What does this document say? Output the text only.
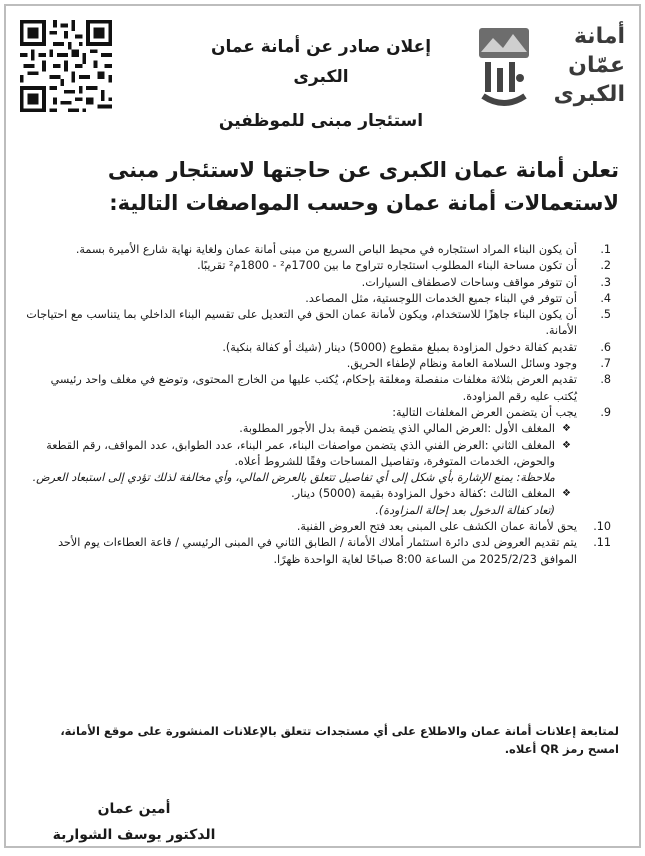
أمانة
عمّان
الكبرى
إعلان صادر عن أمانة عمان الكبرى
استئجار مبنى للموظفين
تعلن أمانة عمان الكبرى عن حاجتها لاستئجار مبنى لاستعمالات أمانة عمان وحسب المواصفات التالية:
1.
أن يكون البناء المراد استئجاره في محيط الباص السريع من مبنى أمانة عمان ولغاية نهاية شارع الأميرة بسمة.
2.
أن تكون مساحة البناء المطلوب استئجاره تتراوح ما بين 1700م² - 1800م² تقريبًا.
3.
أن تتوفر مواقف وساحات لاصطفاف السيارات.
4.
أن تتوفر في البناء جميع الخدمات اللوجستية، مثل المصاعد.
5.
أن يكون البناء جاهزًا للاستخدام، ويكون لأمانة عمان الحق في التعديل على تقسيم البناء الداخلي بما يتناسب مع احتياجات الأمانة.
6.
تقديم كفالة دخول المزاودة بمبلغ مقطوع (5000) دينار (شيك أو كفالة بنكية).
7.
وجود وسائل السلامة العامة ونظام لإطفاء الحريق.
8.
تقديم العرض بثلاثة مغلفات منفصلة ومغلقة بإحكام، يُكتب عليها من الخارج المحتوى، وتوضع في مغلف واحد رئيسي يُكتب عليه رقم المزاودة.
9.
يجب أن يتضمن العرض المغلفات التالية:
❖
المغلف الأول :العرض المالي الذي يتضمن قيمة بدل الأجور المطلوبة.
❖
المغلف الثاني :العرض الفني الذي يتضمن مواصفات البناء، عمر البناء، عدد الطوابق، عدد المواقف، رقم القطعة والحوض، الخدمات المتوفرة، وتفاصيل المساحات وفقًا للشروط أعلاه.
ملاحظة: يمنع الإشارة بأي شكل إلى أي تفاصيل تتعلق بالعرض المالي، وأي مخالفة لذلك تؤدي إلى استبعاد العرض.
❖
المغلف الثالث :كفالة دخول المزاودة بقيمة (5000) دينار.
(تعاد كفالة الدخول بعد إحالة المزاودة).
10.
يحق لأمانة عمان الكشف على المبنى بعد فتح العروض الفنية.
11.
يتم تقديم العروض لدى دائرة استثمار أملاك الأمانة / الطابق الثاني في المبنى الرئيسي / قاعة العطاءات يوم الأحد الموافق 2025/2/23 من الساعة 8:00 صباحًا لغاية الواحدة ظهرًا.
لمتابعة إعلانات أمانة عمان والاطلاع على أي مستجدات تتعلق بالإعلانات المنشورة على موقع الأمانة، امسح رمز QR أعلاه.
أمين عمان
الدكتور يوسف الشواربة
